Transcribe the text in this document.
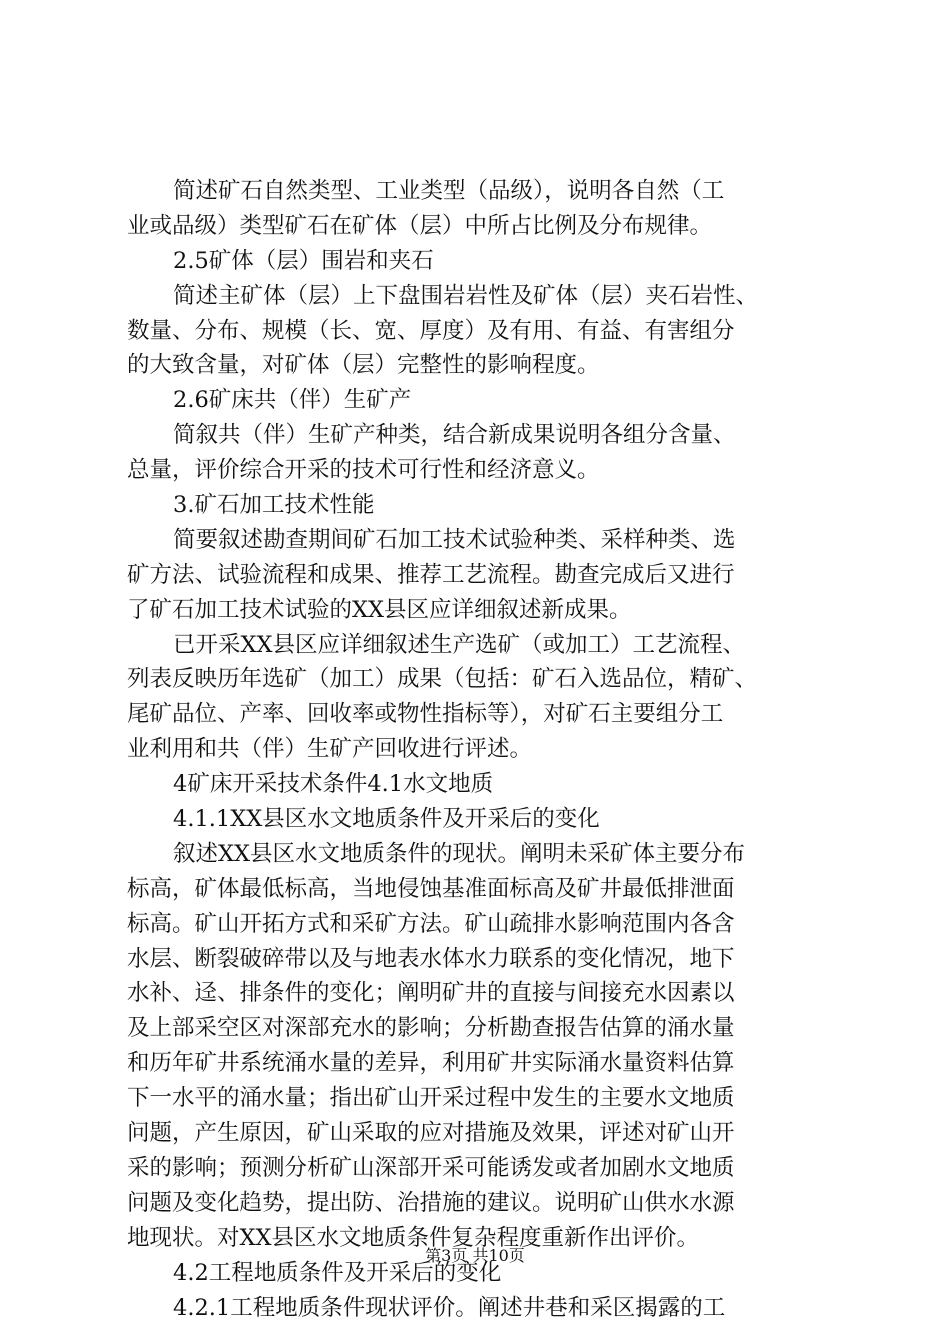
简述矿石自然类型、工业类型（品级），说明各自然（工
业或品级）类型矿石在矿体（层）中所占比例及分布规律。
2.5矿体（层）围岩和夹石
简述主矿体（层）上下盘围岩岩性及矿体（层）夹石岩性、
数量、分布、规模（长、宽、厚度）及有用、有益、有害组分
的大致含量，对矿体（层）完整性的影响程度。
2.6矿床共（伴）生矿产
简叙共（伴）生矿产种类，结合新成果说明各组分含量、
总量，评价综合开采的技术可行性和经济意义。
3.矿石加工技术性能
简要叙述勘查期间矿石加工技术试验种类、采样种类、选
矿方法、试验流程和成果、推荐工艺流程。勘查完成后又进行
了矿石加工技术试验的XX县区应详细叙述新成果。
已开采XX县区应详细叙述生产选矿（或加工）工艺流程、
列表反映历年选矿（加工）成果（包括：矿石入选品位，精矿、
尾矿品位、产率、回收率或物性指标等），对矿石主要组分工
业利用和共（伴）生矿产回收进行评述。
4矿床开采技术条件4.1水文地质
4.1.1XX县区水文地质条件及开采后的变化
叙述XX县区水文地质条件的现状。阐明未采矿体主要分布
标高，矿体最低标高，当地侵蚀基准面标高及矿井最低排泄面
标高。矿山开拓方式和采矿方法。矿山疏排水影响范围内各含
水层、断裂破碎带以及与地表水体水力联系的变化情况，地下
水补、迳、排条件的变化；阐明矿井的直接与间接充水因素以
及上部采空区对深部充水的影响；分析勘查报告估算的涌水量
和历年矿井系统涌水量的差异，利用矿井实际涌水量资料估算
下一水平的涌水量；指出矿山开采过程中发生的主要水文地质
问题，产生原因，矿山采取的应对措施及效果，评述对矿山开
采的影响；预测分析矿山深部开采可能诱发或者加剧水文地质
问题及变化趋势，提出防、治措施的建议。说明矿山供水水源
地现状。对XX县区水文地质条件复杂程度重新作出评价。
4.2工程地质条件及开采后的变化
4.2.1工程地质条件现状评价。阐述井巷和采区揭露的工
第3页 共10页
